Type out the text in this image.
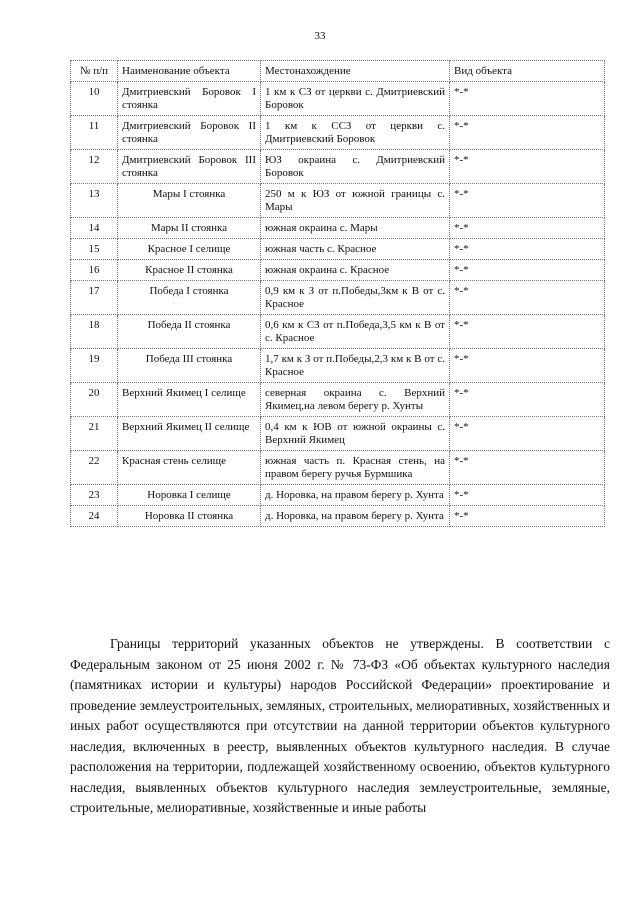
33
№ п/п	Наименование объекта	Местонахождение	Вид объекта
10	Дмитриевский Боровок I стоянка	1 км к СЗ от церкви с. Дмитриевский Боровок	*-*
11	Дмитриевский Боровок II стоянка	1 км к ССЗ от церкви с. Дмитриевский Боровок	*-*
12	Дмитриевский Боровок III стоянка	ЮЗ окраина с. Дмитриевский Боровок	*-*
13	Мары I стоянка	250 м к ЮЗ от южной границы с. Мары	*-*
14	Мары II стоянка	южная окраина с. Мары	*-*
15	Красное I селище	южная часть с. Красное	*-*
16	Красное II стоянка	южная окраина с. Красное	*-*
17	Победа I стоянка	0,9 км к З от п.Победы,3км к В от с. Красное	*-*
18	Победа II стоянка	0,6 км к СЗ от п.Победа,3,5 км к В от с. Красное	*-*
19	Победа III стоянка	1,7 км к З от п.Победы,2,3 км к В от с. Красное	*-*
20	Верхний Якимец I селище	северная окраина с. Верхний Якимец,на левом берегу р. Хунты	*-*
21	Верхний Якимец II селище	0,4 км к ЮВ от южной окраины с. Верхний Якимец	*-*
22	Красная стень селище	южная часть п. Красная стень, на правом берегу ручья Бурмшика	*-*
23	Норовка I селище	д. Норовка, на правом берегу р. Хунта	*-*
24	Норовка II стоянка	д. Норовка, на правом берегу р. Хунта	*-*
Границы территорий указанных объектов не утверждены. В соответствии с Федеральным законом от 25 июня 2002 г. № 73-ФЗ «Об объектах культурного наследия (памятниках истории и культуры) народов Российской Федерации» проектирование и проведение землеустроительных, земляных, строительных, мелиоративных, хозяйственных и иных работ осуществляются при отсутствии на данной территории объектов культурного наследия, включенных в реестр, выявленных объектов культурного наследия. В случае расположения на территории, подлежащей хозяйственному освоению, объектов культурного наследия, выявленных объектов культурного наследия землеустроительные, земляные, строительные, мелиоративные, хозяйственные и иные работы
